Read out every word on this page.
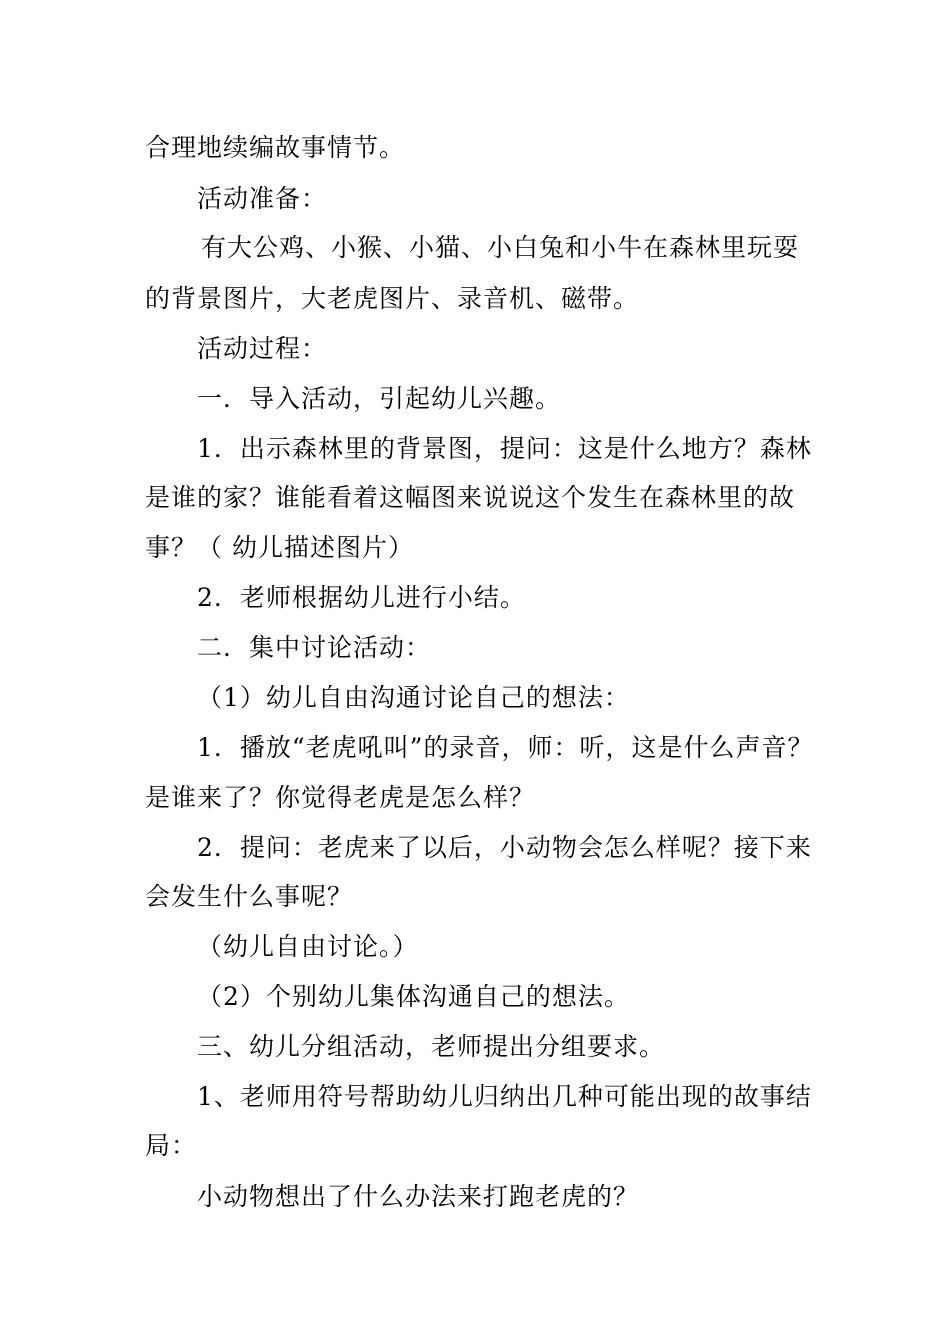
合理地续编故事情节。
活动准备：
有大公鸡、小猴、小猫、小白兔和小牛在森林里玩耍
的背景图片，大老虎图片、录音机、磁带。
活动过程：
一．导入活动，引起幼儿兴趣。
1．出示森林里的背景图，提问：这是什么地方？森林
是谁的家？谁能看着这幅图来说说这个发生在森林里的故
事？（ 幼儿描述图片）
2．老师根据幼儿进行小结。
二．集中讨论活动：
（1）幼儿自由沟通讨论自己的想法：
1．播放“老虎吼叫”的录音，师：听，这是什么声音？
是谁来了？你觉得老虎是怎么样？
2．提问：老虎来了以后，小动物会怎么样呢？接下来
会发生什么事呢？
（幼儿自由讨论。）
（2）个别幼儿集体沟通自己的想法。
三、幼儿分组活动，老师提出分组要求。
1、老师用符号帮助幼儿归纳出几种可能出现的故事结
局：
小动物想出了什么办法来打跑老虎的？
